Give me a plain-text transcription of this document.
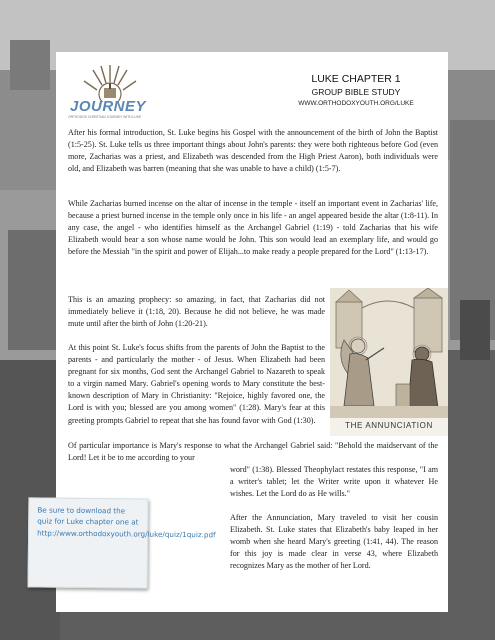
JOURNEY
ORTHODOX CHRISTIAN JOURNEY WITH LUKE
LUKE CHAPTER 1
GROUP BIBLE STUDY
WWW.ORTHODOXYOUTH.ORG/LUKE

After his formal introduction, St. Luke begins his Gospel with the announcement of the birth of John the Baptist (1:5-25). St. Luke tells us three important things about John's parents: they were both righteous before God (even more, Zacharias was a priest, and Elizabeth was descended from the High Priest Aaron), both individuals were old, and Elizabeth was barren (meaning that she was unable to have a child) (1:5-7).

While Zacharias burned incense on the altar of incense in the temple - itself an important event in Zacharias' life, because a priest burned incense in the temple only once in his life - an angel appeared beside the altar (1:8-11). In any case, the angel - who identifies himself as the Archangel Gabriel (1:19) - told Zacharias that his wife Elizabeth would bear a son whose name would be John. This son would lead an exemplary life, and would go before the Messiah "in the spirit and power of Elijah...to make ready a people prepared for the Lord" (1:13-17).

This is an amazing prophecy: so amazing, in fact, that Zacharias did not immediately believe it (1:18, 20). Because he did not believe, he was made mute until after the birth of John (1:20-21).

At this point St. Luke's focus shifts from the parents of John the Baptist to the parents - and particularly the mother - of Jesus. When Elizabeth had been pregnant for six months, God sent the Archangel Gabriel to Nazareth to speak to a virgin named Mary. Gabriel's opening words to Mary constitute the best-known description of Mary in Christianity: "Rejoice, highly favored one, the Lord is with you; blessed are you among women" (1:28). Mary's fear at this greeting prompts Gabriel to repeat that she has found favor with God (1:30).

THE ANNUNCIATION

Of particular importance is Mary's response to what the Archangel Gabriel said: "Behold the maidservant of the Lord! Let it be to me according to your

word" (1:38). Blessed Theophylact restates this response, "I am a writer's tablet; let the Writer write upon it whatever He wishes. Let the Lord do as He wills."

After the Annunciation, Mary traveled to visit her cousin Elizabeth. St. Luke states that Elizabeth's baby leaped in her womb when she heard Mary's greeting (1:41, 44). The reason for this joy is made clear in verse 43, where Elizabeth recognizes Mary as the mother of her Lord.

Be sure to download the quiz for Luke chapter one at http://www.orthodoxyouth.org/luke/quiz/1quiz.pdf
